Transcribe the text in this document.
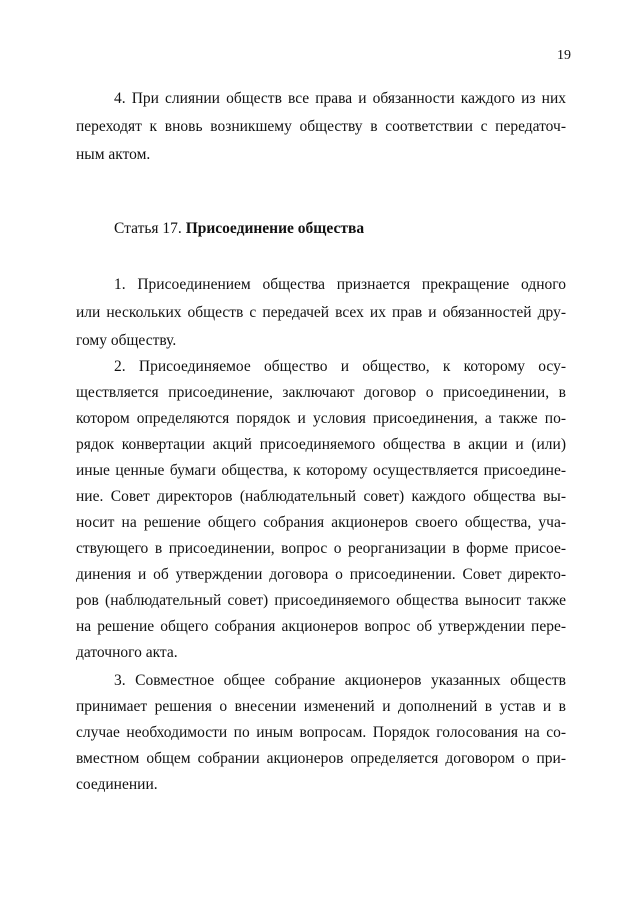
19
4. При слиянии обществ все права и обязанности каждого из них
переходят к вновь возникшему обществу в соответствии с передаточ-
ным актом.
Статья 17. Присоединение общества
1. Присоединением общества признается прекращение одного
или нескольких обществ с передачей всех их прав и обязанностей дру-
гому обществу.
2. Присоединяемое общество и общество, к которому осу-
ществляется присоединение, заключают договор о присоединении, в
котором определяются порядок и условия присоединения, а также по-
рядок конвертации акций присоединяемого общества в акции и (или)
иные ценные бумаги общества, к которому осуществляется присоедине-
ние. Совет директоров (наблюдательный совет) каждого общества вы-
носит на решение общего собрания акционеров своего общества, уча-
ствующего в присоединении, вопрос о реорганизации в форме присое-
динения и об утверждении договора о присоединении. Совет директо-
ров (наблюдательный совет) присоединяемого общества выносит также
на решение общего собрания акционеров вопрос об утверждении пере-
даточного акта.
3. Совместное общее собрание акционеров указанных обществ
принимает решения о внесении изменений и дополнений в устав и в
случае необходимости по иным вопросам. Порядок голосования на со-
вместном общем собрании акционеров определяется договором о при-
соединении.
